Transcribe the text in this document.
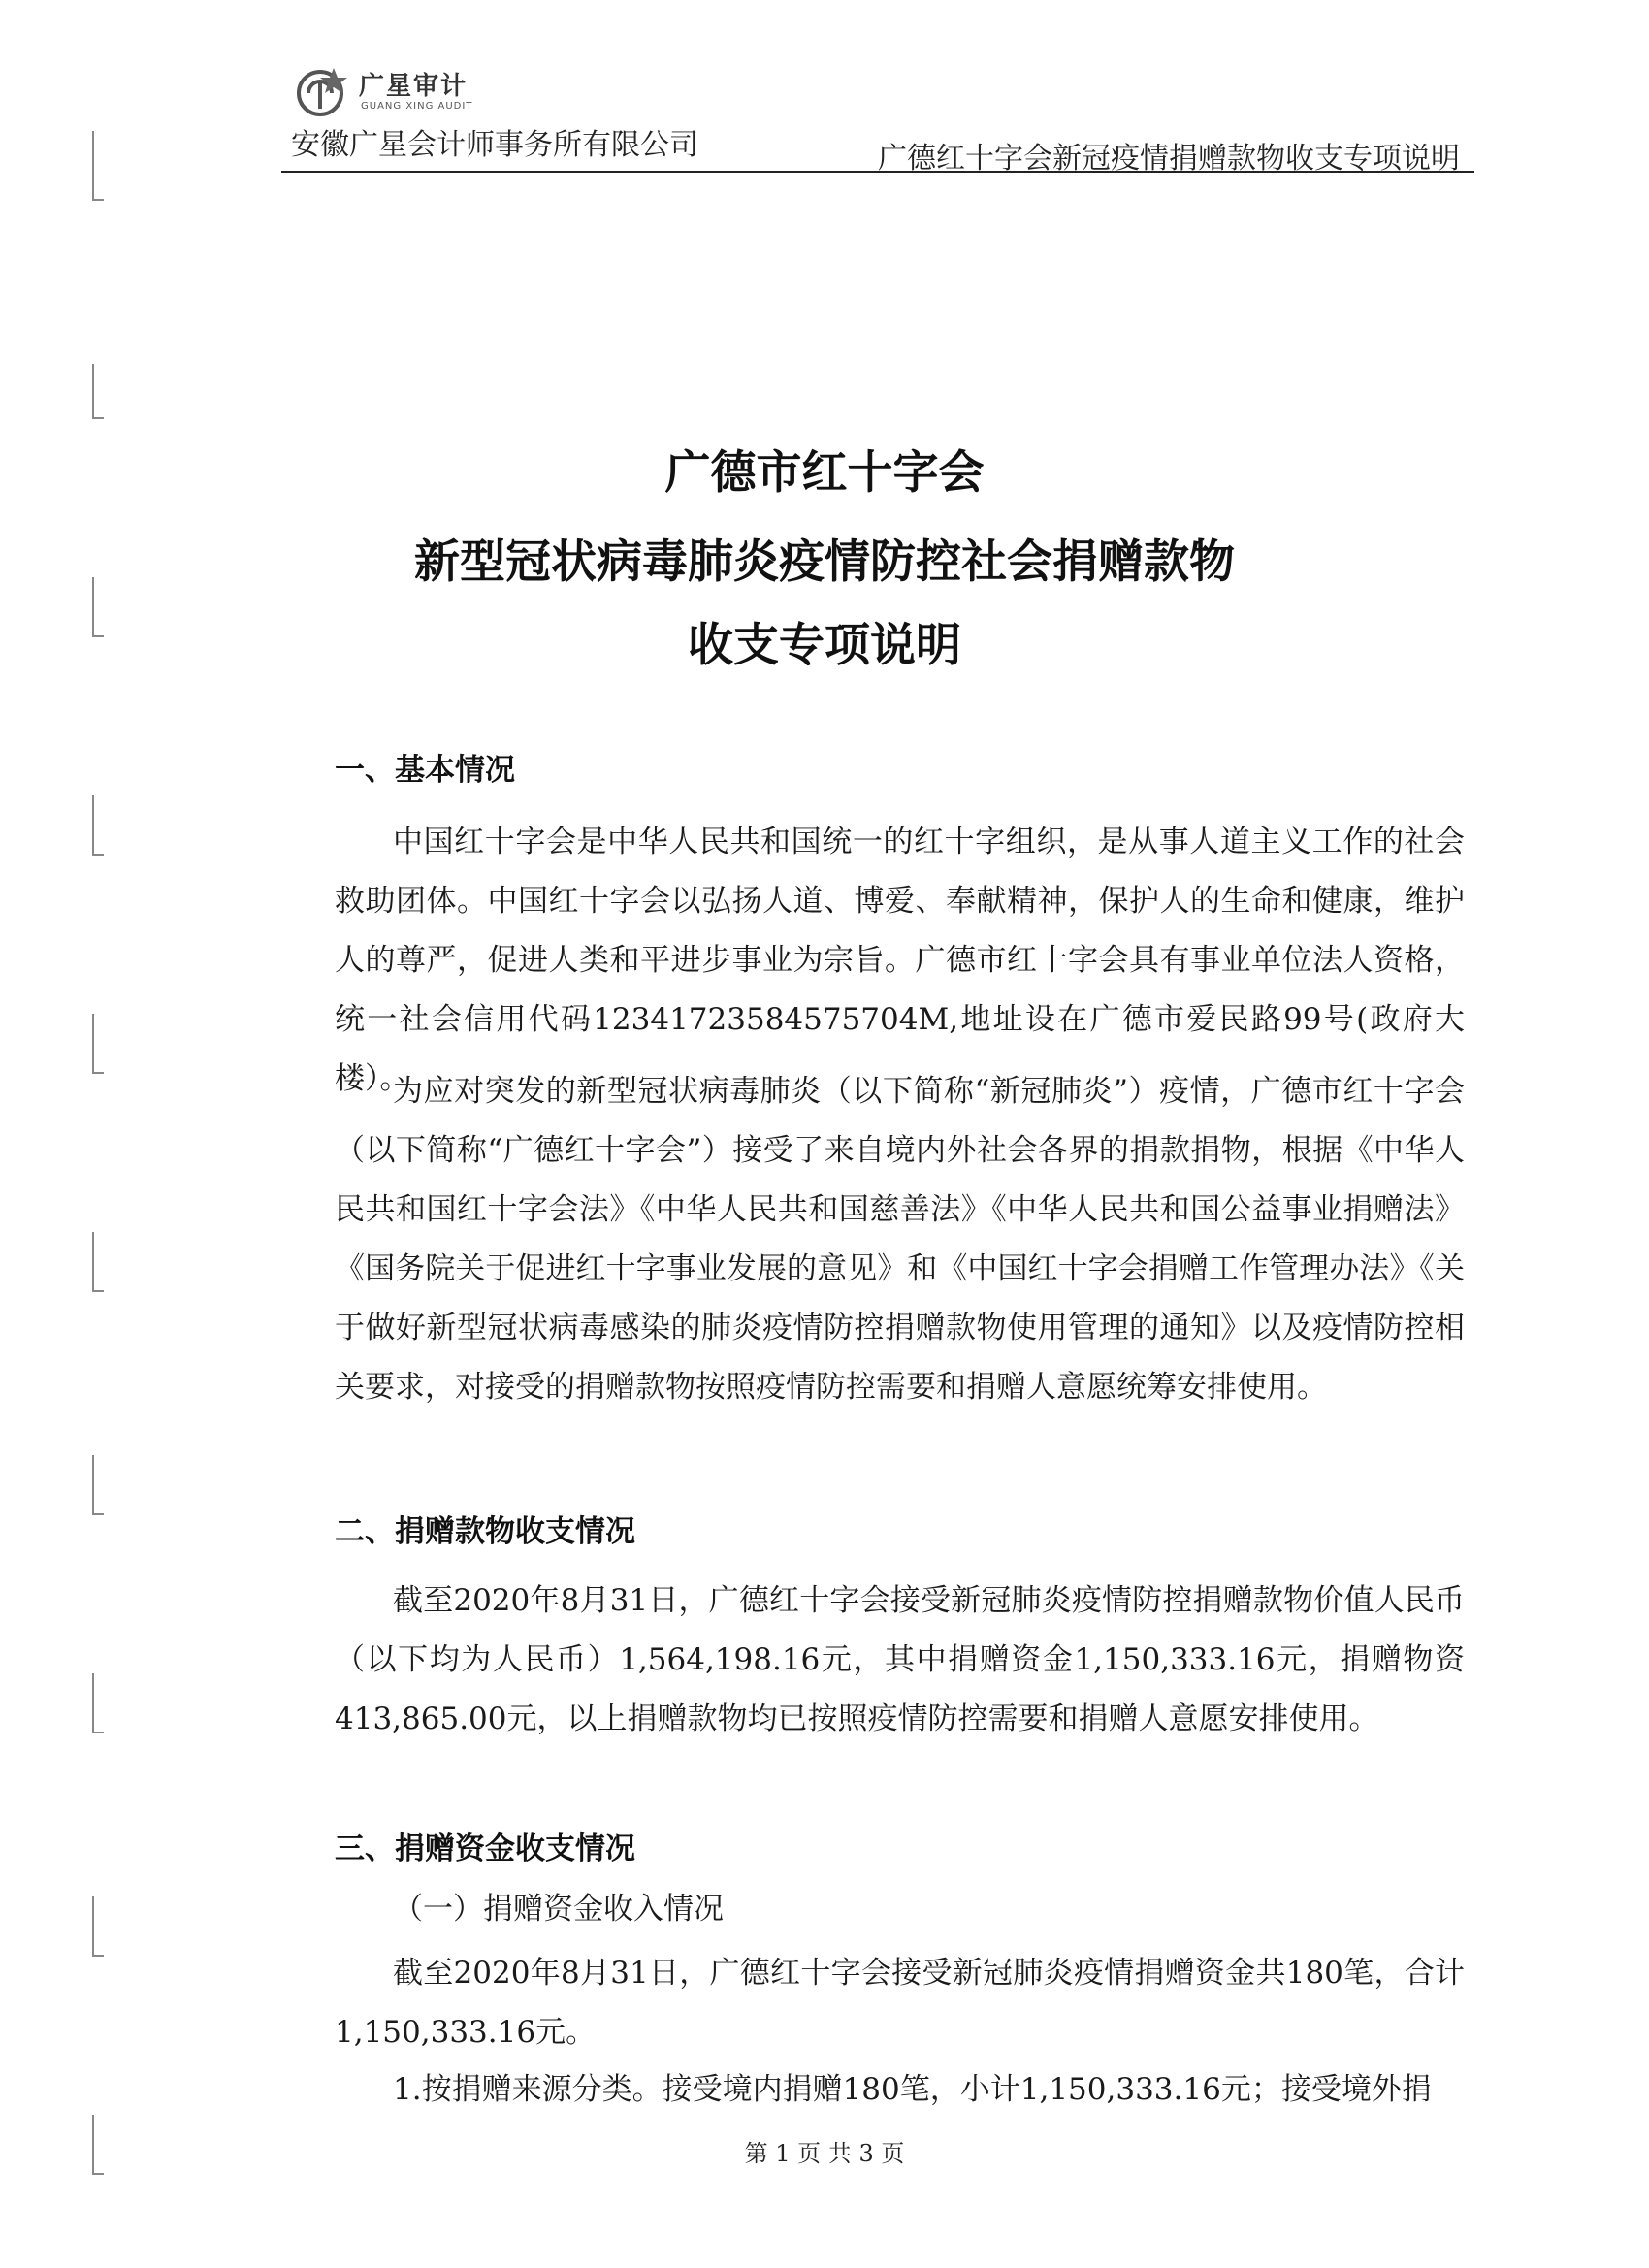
广星审计
GUANG XING AUDIT
安徽广星会计师事务所有限公司	广德红十字会新冠疫情捐赠款物收支专项说明
广德市红十字会
新型冠状病毒肺炎疫情防控社会捐赠款物
收支专项说明
一、基本情况

中国红十字会是中华人民共和国统一的红十字组织，是从事人道主义工作的社会救助团体。中国红十字会以弘扬人道、博爱、奉献精神，保护人的生命和健康，维护人的尊严，促进人类和平进步事业为宗旨。广德市红十字会具有事业单位法人资格，统一社会信用代码12341723584575704M,地址设在广德市爱民路99号(政府大楼）。

为应对突发的新型冠状病毒肺炎（以下简称“新冠肺炎”）疫情，广德市红十字会（以下简称“广德红十字会”）接受了来自境内外社会各界的捐款捐物，根据《中华人民共和国红十字会法》《中华人民共和国慈善法》《中华人民共和国公益事业捐赠法》《国务院关于促进红十字事业发展的意见》和《中国红十字会捐赠工作管理办法》《关于做好新型冠状病毒感染的肺炎疫情防控捐赠款物使用管理的通知》以及疫情防控相关要求，对接受的捐赠款物按照疫情防控需要和捐赠人意愿统筹安排使用。

二、捐赠款物收支情况

截至2020年8月31日，广德红十字会接受新冠肺炎疫情防控捐赠款物价值人民币（以下均为人民币）1,564,198.16元，其中捐赠资金1,150,333.16元，捐赠物资413,865.00元，以上捐赠款物均已按照疫情防控需要和捐赠人意愿安排使用。

三、捐赠资金收支情况
（一）捐赠资金收入情况

截至2020年8月31日，广德红十字会接受新冠肺炎疫情捐赠资金共180笔，合计1,150,333.16元。

1.按捐赠来源分类。接受境内捐赠180笔，小计1,150,333.16元；接受境外捐

第 1 页 共 3 页
